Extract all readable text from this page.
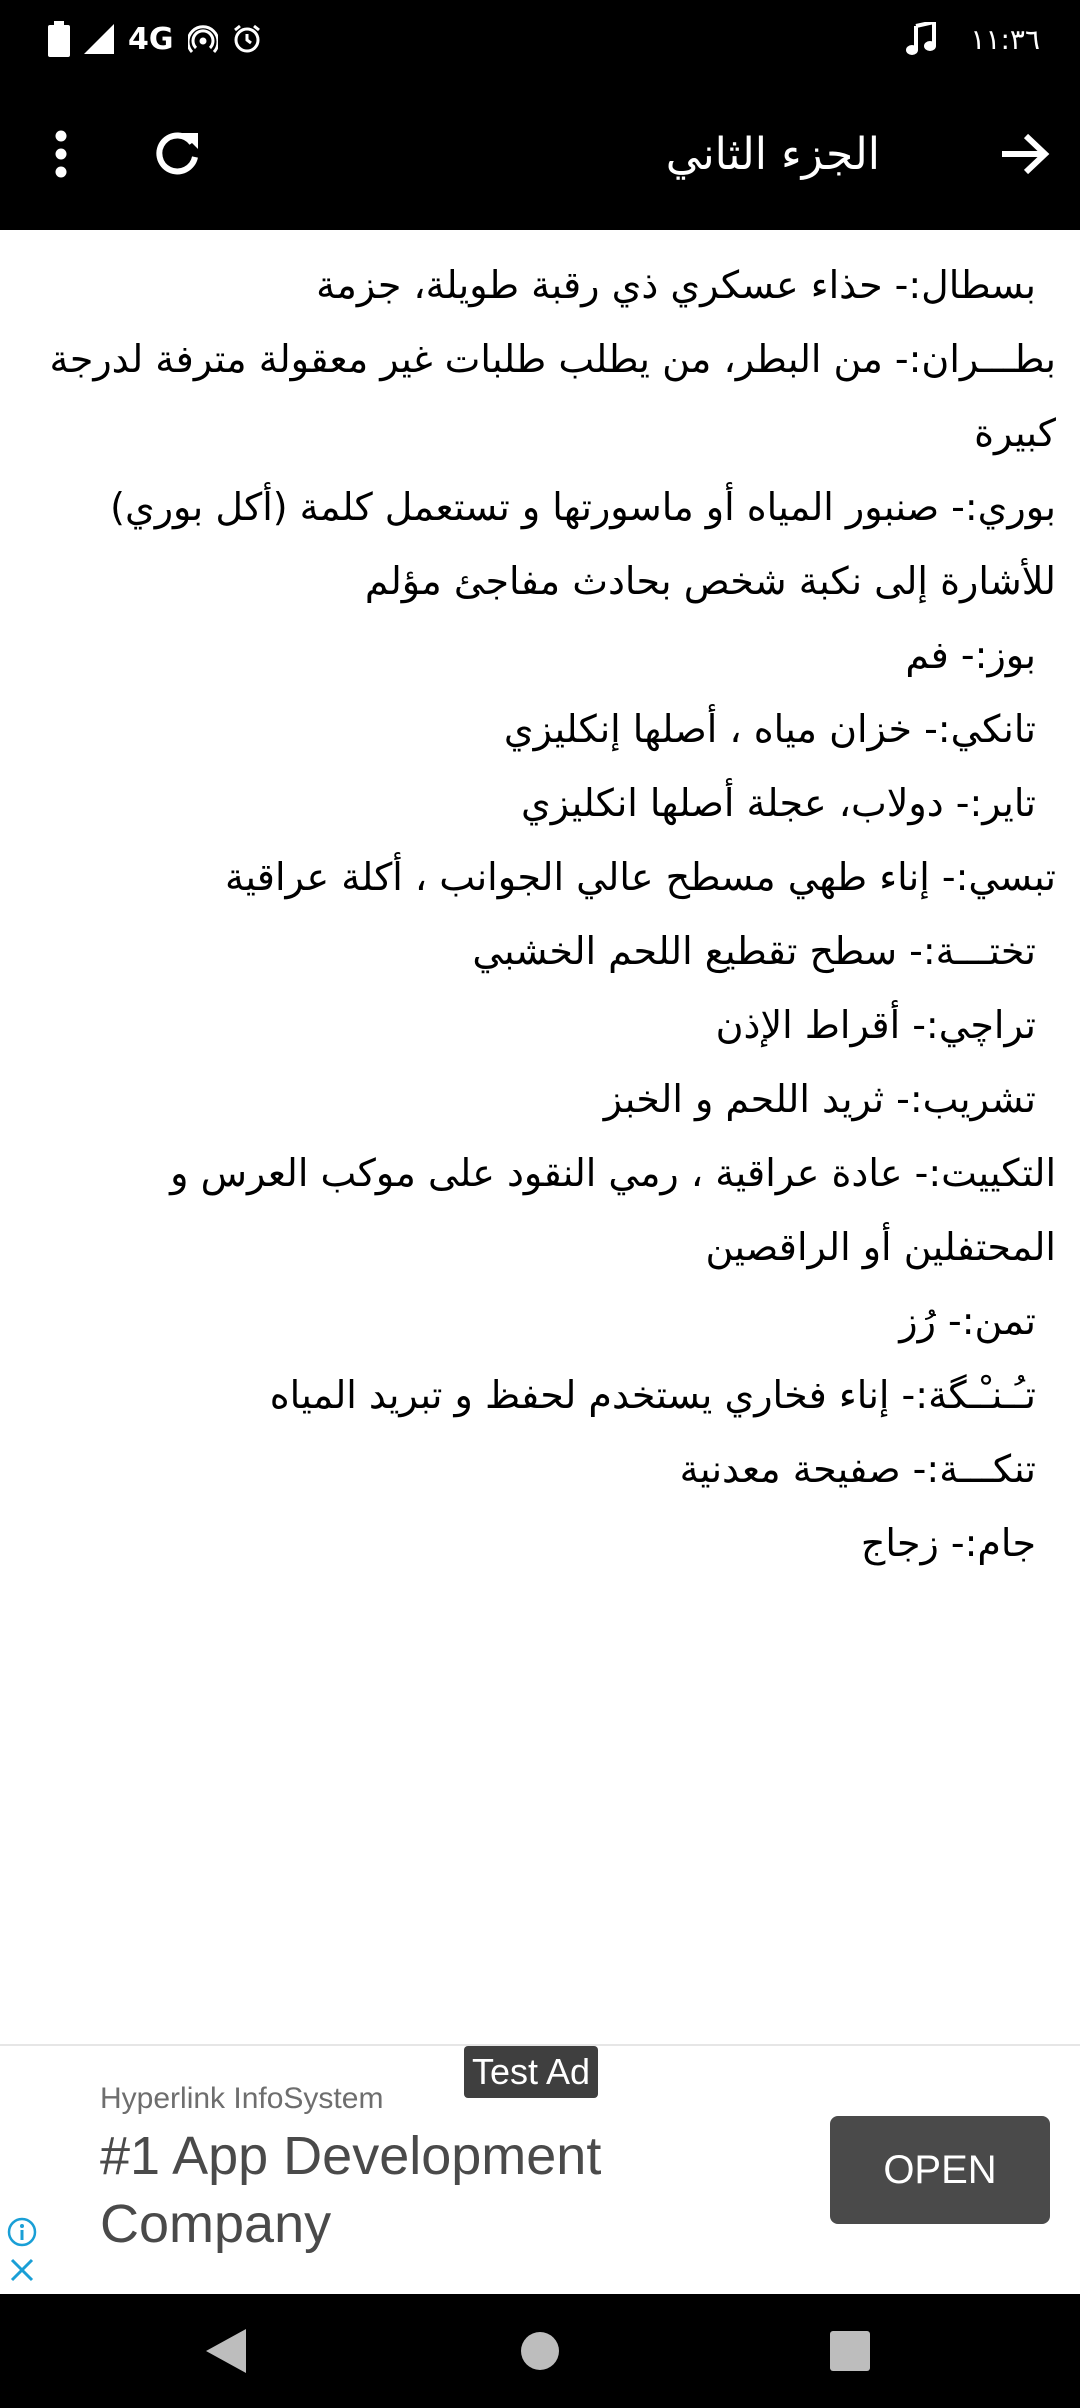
4G	١١:٣٦
الجزء الثاني

بسطال:- حذاء عسكري ذي رقبة طويلة، جزمة

بطـــران:- من البطر، من يطلب طلبات غير معقولة مترفة لدرجة كبيرة

بوري:- صنبور المياه أو ماسورتها و تستعمل كلمة (أكل بوري) للأشارة إلى نكبة شخص بحادث مفاجئ مؤلم

بوز:- فم

تانكي:- خزان مياه ، أصلها إنكليزي

تاير:- دولاب، عجلة أصلها انكليزي

تبسي:- إناء طهي مسطح عالي الجوانب ، أكلة عراقية

تختـــة:- سطح تقطيع اللحم الخشبي

تراچي:- أقراط الإذن

تشريب:- ثريد اللحم و الخبز

التكييت:- عادة عراقية ، رمي النقود على موكب العرس و المحتفلين أو الراقصين

تمن:- رُز

تـُـنـْـگة:- إناء فخاري يستخدم لحفظ و تبريد المياه

تنكـــة:- صفيحة معدنية

جام:- زجاج

Test Ad
Hyperlink InfoSystem
#1 App Development Company
OPEN
